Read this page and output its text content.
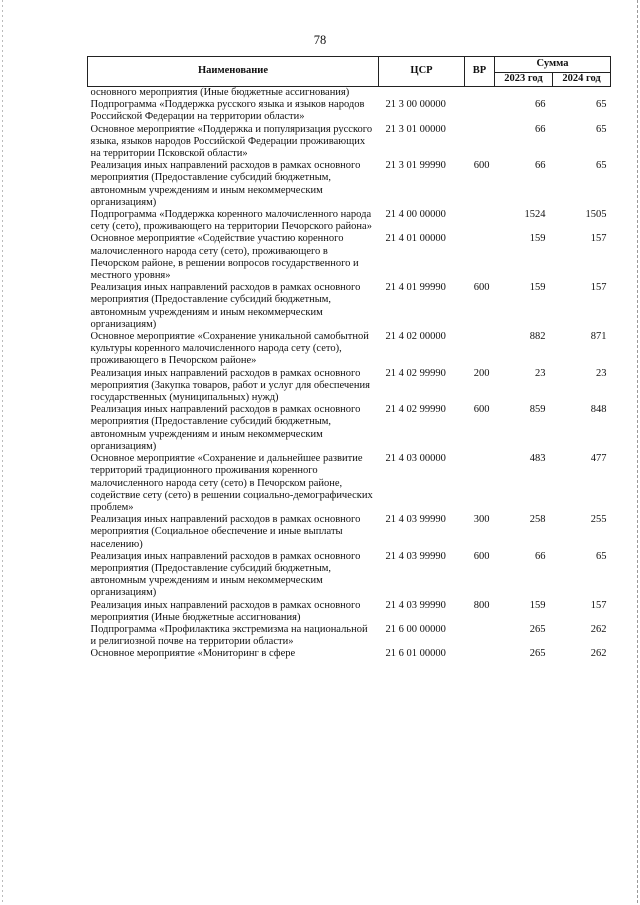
78
Наименование	ЦСР	ВР	Сумма	
			2023 год	2024 год
основного мероприятия (Иные бюджетные ассигнования)				
Подпрограмма «Поддержка русского языка и языков народов Российской Федерации на территории области»	21 3 00 00000		66	65
Основное мероприятие «Поддержка и популяризация русского языка, языков народов Российской Федерации проживающих на территории Псковской области»	21 3 01 00000		66	65
Реализация иных направлений расходов в рамках основного мероприятия (Предоставление субсидий бюджетным, автономным учреждениям и иным некоммерческим организациям)	21 3 01 99990	600	66	65
Подпрограмма «Поддержка коренного малочисленного народа сету (сето), проживающего на территории Печорского района»	21 4 00 00000		1524	1505
Основное мероприятие «Содействие участию коренного малочисленного народа сету (сето), проживающего в Печорском районе, в решении вопросов государственного и местного уровня»	21 4 01 00000		159	157
Реализация иных направлений расходов в рамках основного мероприятия (Предоставление субсидий бюджетным, автономным учреждениям и иным некоммерческим организациям)	21 4 01 99990	600	159	157
Основное мероприятие «Сохранение уникальной самобытной культуры коренного малочисленного народа сету (сето), проживающего в Печорском районе»	21 4 02 00000		882	871
Реализация иных направлений расходов в рамках основного мероприятия (Закупка товаров, работ и услуг для обеспечения государственных (муниципальных) нужд)	21 4 02 99990	200	23	23
Реализация иных направлений расходов в рамках основного мероприятия (Предоставление субсидий бюджетным, автономным учреждениям и иным некоммерческим организациям)	21 4 02 99990	600	859	848
Основное мероприятие «Сохранение и дальнейшее развитие территорий традиционного проживания коренного малочисленного народа сету (сето) в Печорском районе, содействие сету (сето) в решении социально-демографических проблем»	21 4 03 00000		483	477
Реализация иных направлений расходов в рамках основного мероприятия (Социальное обеспечение и иные выплаты населению)	21 4 03 99990	300	258	255
Реализация иных направлений расходов в рамках основного мероприятия (Предоставление субсидий бюджетным, автономным учреждениям и иным некоммерческим организациям)	21 4 03 99990	600	66	65
Реализация иных направлений расходов в рамках основного мероприятия (Иные бюджетные ассигнования)	21 4 03 99990	800	159	157
Подпрограмма «Профилактика экстремизма на национальной и религиозной почве на территории области»	21 6 00 00000		265	262
Основное мероприятие «Мониторинг в сфере	21 6 01 00000		265	262
